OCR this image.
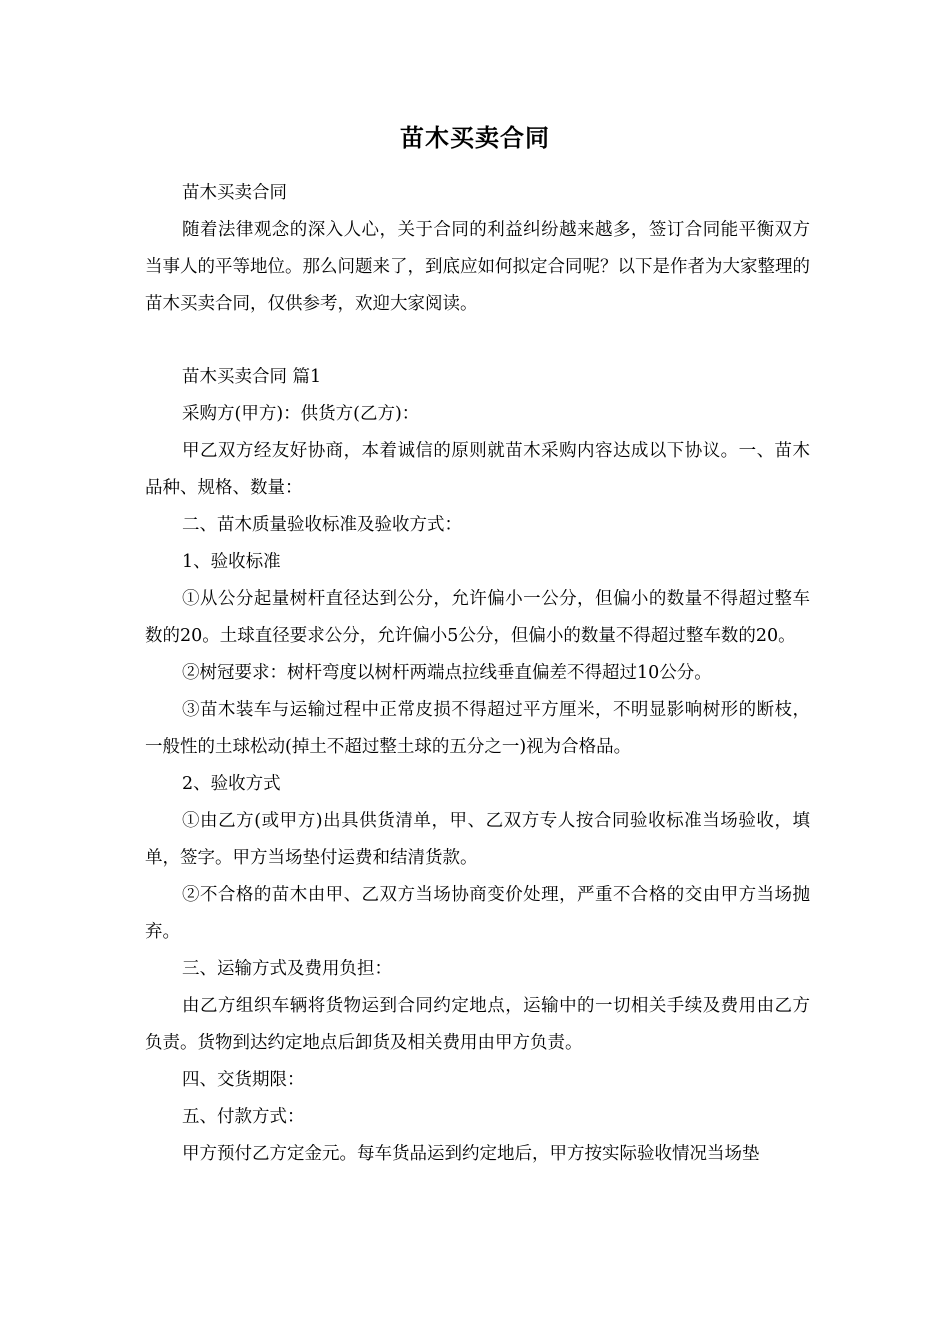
苗木买卖合同

苗木买卖合同

随着法律观念的深入人心，关于合同的利益纠纷越来越多，签订合同能平衡双方当事人的平等地位。那么问题来了，到底应如何拟定合同呢？以下是作者为大家整理的苗木买卖合同，仅供参考，欢迎大家阅读。

苗木买卖合同 篇1

采购方(甲方)：供货方(乙方)：

甲乙双方经友好协商，本着诚信的原则就苗木采购内容达成以下协议。一、苗木品种、规格、数量：

二、苗木质量验收标准及验收方式：

1、验收标准

①从公分起量树杆直径达到公分，允许偏小一公分，但偏小的数量不得超过整车数的20。土球直径要求公分，允许偏小5公分，但偏小的数量不得超过整车数的20。

②树冠要求：树杆弯度以树杆两端点拉线垂直偏差不得超过10公分。

③苗木装车与运输过程中正常皮损不得超过平方厘米，不明显影响树形的断枝，一般性的土球松动(掉土不超过整土球的五分之一)视为合格品。

2、验收方式

①由乙方(或甲方)出具供货清单，甲、乙双方专人按合同验收标准当场验收，填单，签字。甲方当场垫付运费和结清货款。

②不合格的苗木由甲、乙双方当场协商变价处理，严重不合格的交由甲方当场抛弃。

三、运输方式及费用负担：

由乙方组织车辆将货物运到合同约定地点，运输中的一切相关手续及费用由乙方负责。货物到达约定地点后卸货及相关费用由甲方负责。

四、交货期限：

五、付款方式：

甲方预付乙方定金元。每车货品运到约定地后，甲方按实际验收情况当场垫
